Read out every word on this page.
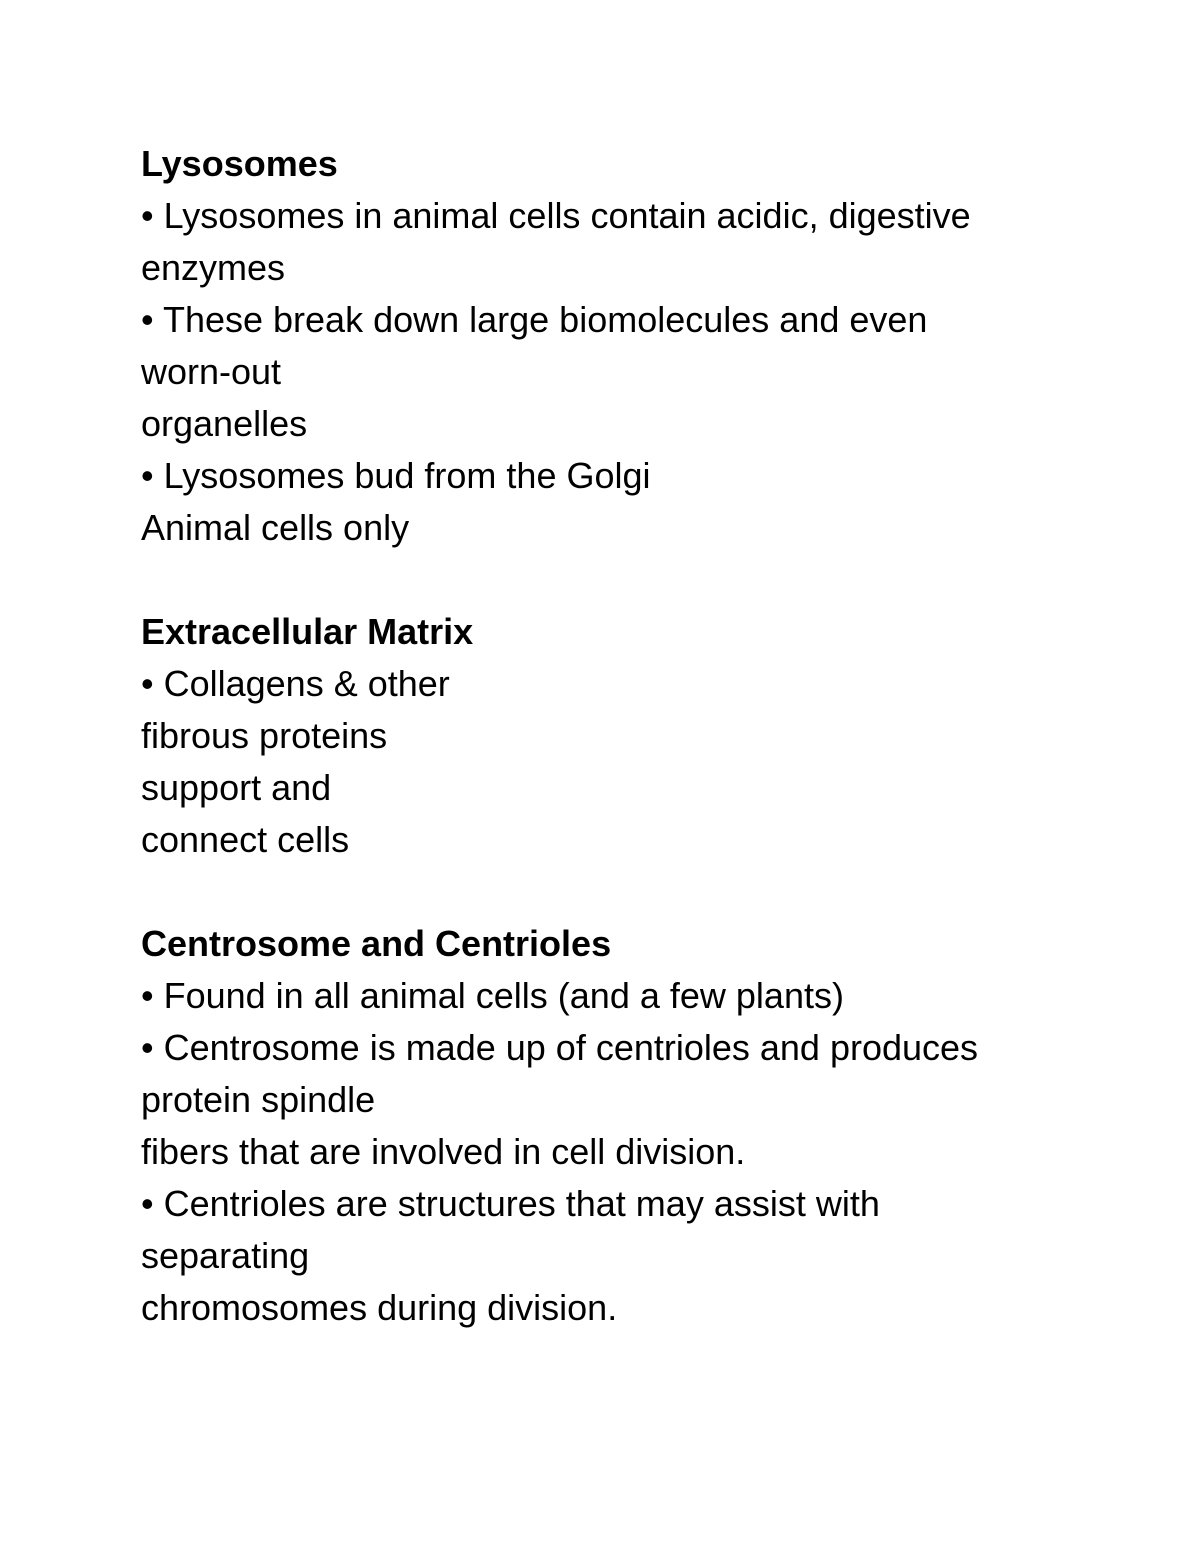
Lysosomes
• Lysosomes in animal cells contain acidic, digestive
enzymes
• These break down large biomolecules and even
worn-out
organelles
• Lysosomes bud from the Golgi
Animal cells only
Extracellular Matrix
• Collagens & other
fibrous proteins
support and
connect cells
Centrosome and Centrioles
• Found in all animal cells (and a few plants)
• Centrosome is made up of centrioles and produces
protein spindle
fibers that are involved in cell division.
• Centrioles are structures that may assist with
separating
chromosomes during division.
